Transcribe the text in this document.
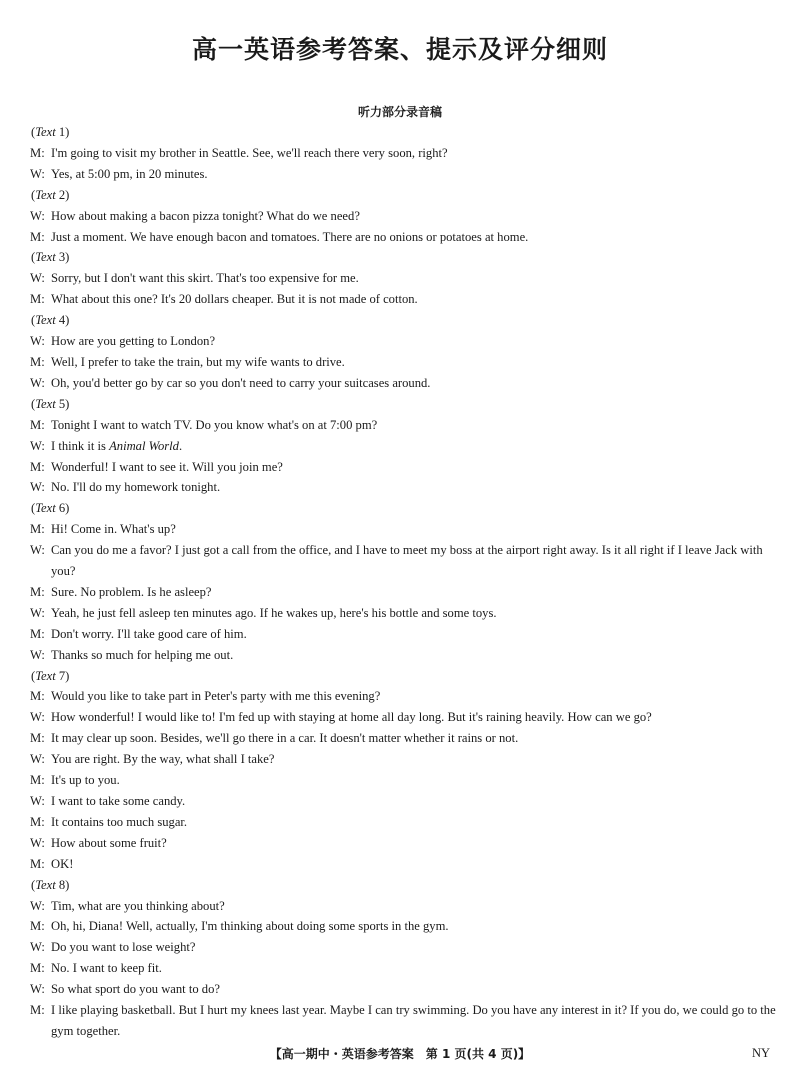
高一英语参考答案、提示及评分细则
听力部分录音稿
(Text 1)
M: I'm going to visit my brother in Seattle. See, we'll reach there very soon, right?
W: Yes, at 5:00 pm, in 20 minutes.
(Text 2)
W: How about making a bacon pizza tonight? What do we need?
M: Just a moment. We have enough bacon and tomatoes. There are no onions or potatoes at home.
(Text 3)
W: Sorry, but I don't want this skirt. That's too expensive for me.
M: What about this one? It's 20 dollars cheaper. But it is not made of cotton.
(Text 4)
W: How are you getting to London?
M: Well, I prefer to take the train, but my wife wants to drive.
W: Oh, you'd better go by car so you don't need to carry your suitcases around.
(Text 5)
M: Tonight I want to watch TV. Do you know what's on at 7:00 pm?
W: I think it is Animal World.
M: Wonderful! I want to see it. Will you join me?
W: No. I'll do my homework tonight.
(Text 6)
M: Hi! Come in. What's up?
W: Can you do me a favor? I just got a call from the office, and I have to meet my boss at the airport right away. Is it all right if I leave Jack with you?
M: Sure. No problem. Is he asleep?
W: Yeah, he just fell asleep ten minutes ago. If he wakes up, here's his bottle and some toys.
M: Don't worry. I'll take good care of him.
W: Thanks so much for helping me out.
(Text 7)
M: Would you like to take part in Peter's party with me this evening?
W: How wonderful! I would like to! I'm fed up with staying at home all day long. But it's raining heavily. How can we go?
M: It may clear up soon. Besides, we'll go there in a car. It doesn't matter whether it rains or not.
W: You are right. By the way, what shall I take?
M: It's up to you.
W: I want to take some candy.
M: It contains too much sugar.
W: How about some fruit?
M: OK!
(Text 8)
W: Tim, what are you thinking about?
M: Oh, hi, Diana! Well, actually, I'm thinking about doing some sports in the gym.
W: Do you want to lose weight?
M: No. I want to keep fit.
W: So what sport do you want to do?
M: I like playing basketball. But I hurt my knees last year. Maybe I can try swimming. Do you have any interest in it? If you do, we could go to the gym together.
【高一期中・英语参考答案　第 1 页(共 4 页)】	NY
